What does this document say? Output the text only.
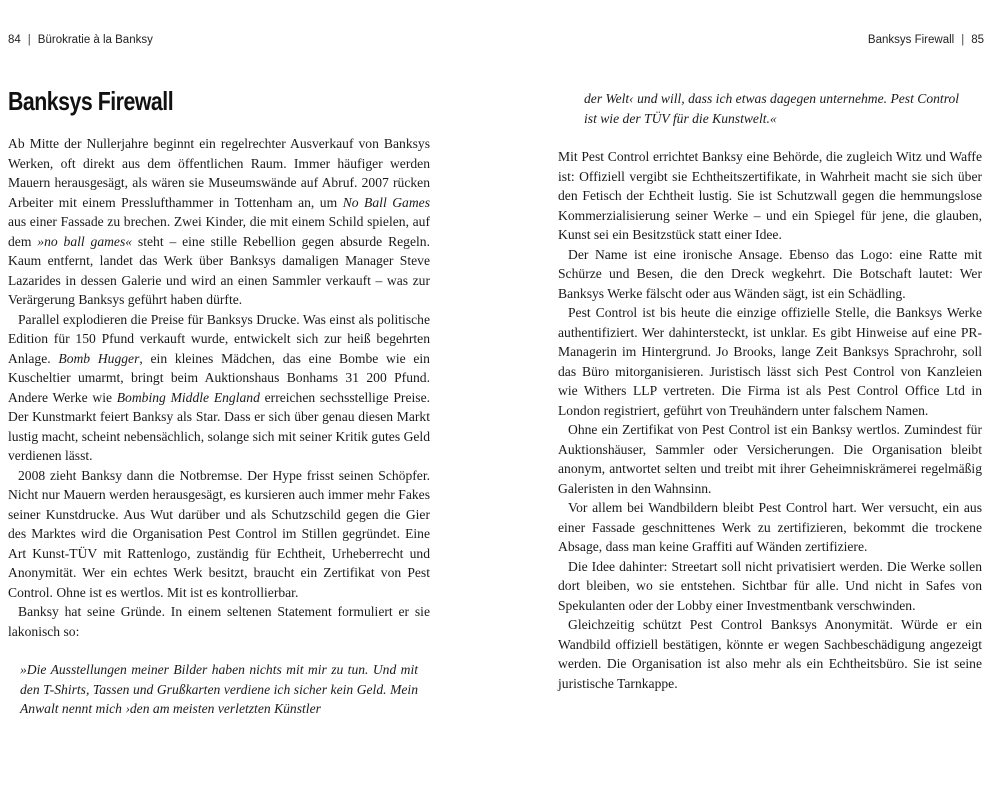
84 | Bürokratie à la Banksy
Banksys Firewall

Ab Mitte der Nullerjahre beginnt ein regelrechter Ausverkauf von Banksys Werken, oft direkt aus dem öffentlichen Raum. Immer häufiger werden Mauern herausgesägt, als wären sie Museumswände auf Abruf. 2007 rücken Arbeiter mit einem Presslufthammer in Tottenham an, um No Ball Games aus einer Fassade zu brechen. Zwei Kinder, die mit einem Schild spielen, auf dem »no ball games« steht – eine stille Rebellion gegen absurde Regeln. Kaum entfernt, landet das Werk über Banksys damaligen Manager Steve Lazarides in dessen Galerie und wird an einen Sammler verkauft – was zur Verärgerung Banksys geführt haben dürfte.

Parallel explodieren die Preise für Banksys Drucke. Was einst als politische Edition für 150 Pfund verkauft wurde, entwickelt sich zur heiß begehrten Anlage. Bomb Hugger, ein kleines Mädchen, das eine Bombe wie ein Kuscheltier umarmt, bringt beim Auktionshaus Bonhams 31 200 Pfund. Andere Werke wie Bombing Middle England erreichen sechsstellige Preise. Der Kunstmarkt feiert Banksy als Star. Dass er sich über genau diesen Markt lustig macht, scheint nebensächlich, solange sich mit seiner Kritik gutes Geld verdienen lässt.

2008 zieht Banksy dann die Notbremse. Der Hype frisst seinen Schöpfer. Nicht nur Mauern werden herausgesägt, es kursieren auch immer mehr Fakes seiner Kunstdrucke. Aus Wut darüber und als Schutzschild gegen die Gier des Marktes wird die Organisation Pest Control im Stillen gegründet. Eine Art Kunst-TÜV mit Rattenlogo, zuständig für Echtheit, Urheberrecht und Anonymität. Wer ein echtes Werk besitzt, braucht ein Zertifikat von Pest Control. Ohne ist es wertlos. Mit ist es kontrollierbar.

Banksy hat seine Gründe. In einem seltenen Statement formuliert er sie lakonisch so:

»Die Ausstellungen meiner Bilder haben nichts mit mir zu tun. Und mit den T-Shirts, Tassen und Grußkarten verdiene ich sicher kein Geld. Mein Anwalt nennt mich ›den am meisten verletzten Künstler

Banksys Firewall | 85

der Welt‹ und will, dass ich etwas dagegen unternehme. Pest Control ist wie der TÜV für die Kunstwelt.«

Mit Pest Control errichtet Banksy eine Behörde, die zugleich Witz und Waffe ist: Offiziell vergibt sie Echtheitszertifikate, in Wahrheit macht sie sich über den Fetisch der Echtheit lustig. Sie ist Schutzwall gegen die hemmungslose Kommerzialisierung seiner Werke – und ein Spiegel für jene, die glauben, Kunst sei ein Besitzstück statt einer Idee.

Der Name ist eine ironische Ansage. Ebenso das Logo: eine Ratte mit Schürze und Besen, die den Dreck wegkehrt. Die Botschaft lautet: Wer Banksys Werke fälscht oder aus Wänden sägt, ist ein Schädling.

Pest Control ist bis heute die einzige offizielle Stelle, die Banksys Werke authentifiziert. Wer dahintersteckt, ist unklar. Es gibt Hinweise auf eine PR-Managerin im Hintergrund. Jo Brooks, lange Zeit Banksys Sprachrohr, soll das Büro mitorganisieren. Juristisch lässt sich Pest Control von Kanzleien wie Withers LLP vertreten. Die Firma ist als Pest Control Office Ltd in London registriert, geführt von Treuhändern unter falschem Namen.

Ohne ein Zertifikat von Pest Control ist ein Banksy wertlos. Zumindest für Auktionshäuser, Sammler oder Versicherungen. Die Organisation bleibt anonym, antwortet selten und treibt mit ihrer Geheimniskrämerei regelmäßig Galeristen in den Wahnsinn.

Vor allem bei Wandbildern bleibt Pest Control hart. Wer versucht, ein aus einer Fassade geschnittenes Werk zu zertifizieren, bekommt die trockene Absage, dass man keine Graffiti auf Wänden zertifiziere.

Die Idee dahinter: Streetart soll nicht privatisiert werden. Die Werke sollen dort bleiben, wo sie entstehen. Sichtbar für alle. Und nicht in Safes von Spekulanten oder der Lobby einer Investmentbank verschwinden.

Gleichzeitig schützt Pest Control Banksys Anonymität. Würde er ein Wandbild offiziell bestätigen, könnte er wegen Sachbeschädigung angezeigt werden. Die Organisation ist also mehr als ein Echtheitsbüro. Sie ist seine juristische Tarnkappe.
